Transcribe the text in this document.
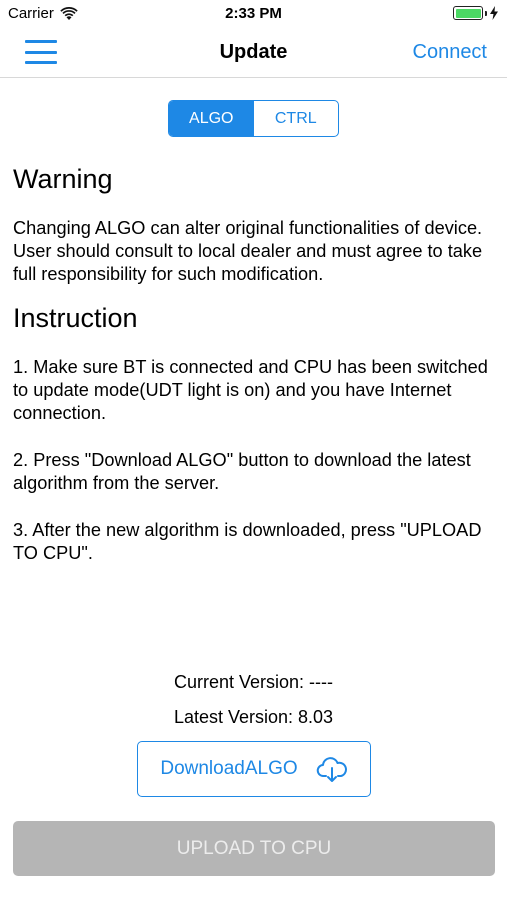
Carrier	2:33 PM
Update	Connect
ALGO	CTRL
Warning
Changing ALGO can alter original functionalities of device. User should consult to local dealer and must agree to take full responsibility for such modification.
Instruction
1. Make sure BT is connected and CPU has been switched to update mode(UDT light is on) and you have Internet connection.
2. Press "Download ALGO" button to download the latest algorithm from the server.
3. After the new algorithm is downloaded, press "UPLOAD TO CPU".
Current Version: ----
Latest Version: 8.03
DownloadALGO
UPLOAD TO CPU
